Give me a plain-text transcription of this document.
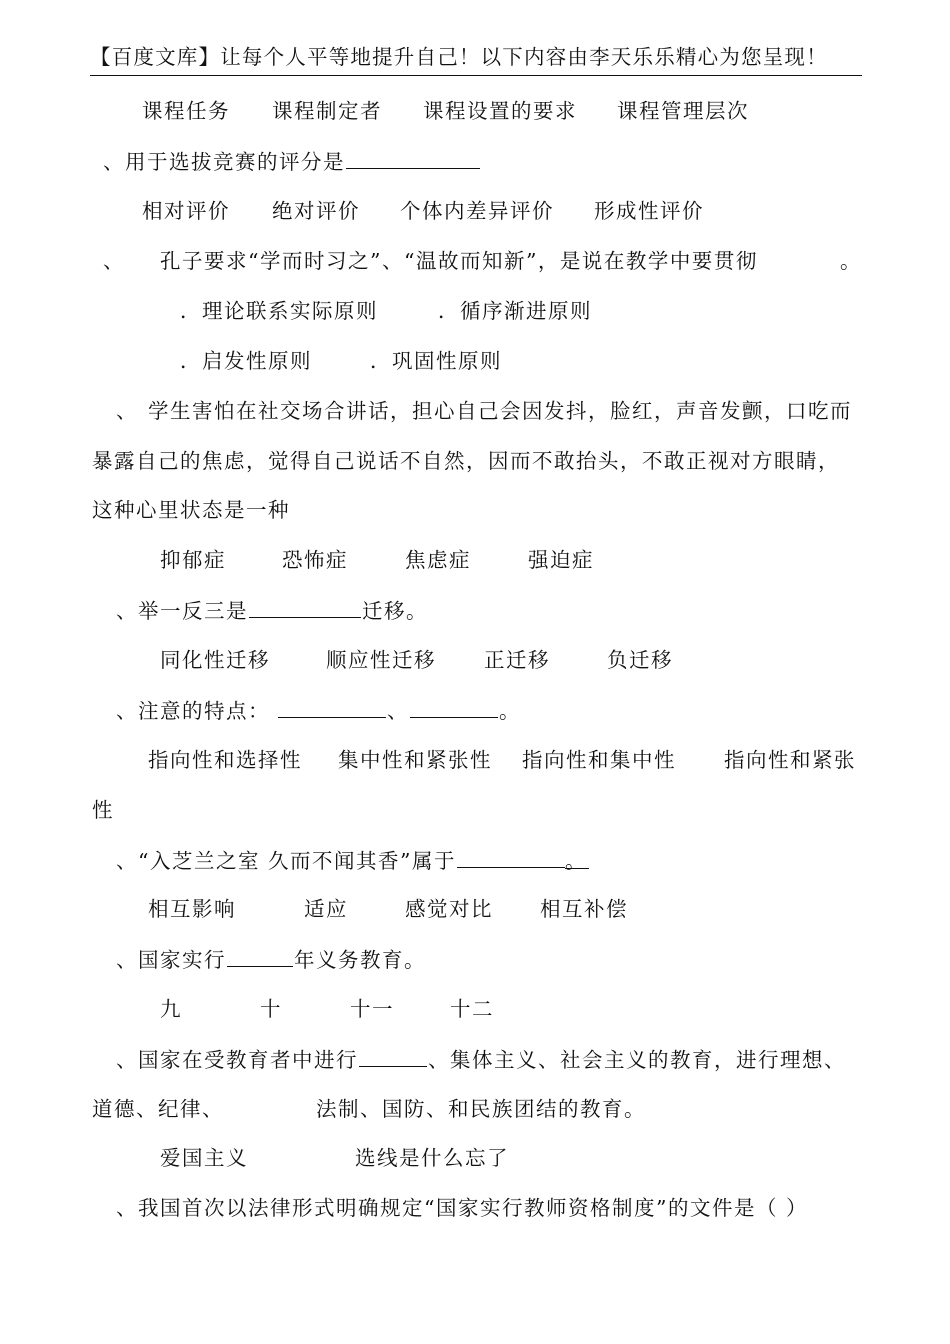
【百度文库】让每个人平等地提升自己！以下内容由李天乐乐精心为您呈现！
课程任务 课程制定者 课程设置的要求 课程管理层次
、用于选拔竞赛的评分是
相对评价 绝对评价 个体内差异评价 形成性评价
、 孔子要求“学而时习之”、“温故而知新”，是说在教学中要贯彻	。
．理论联系实际原则	．循序渐进原则
．启发性原则	．巩固性原则
、 学生害怕在社交场合讲话，担心自己会因发抖，脸红，声音发颤，口吃而
暴露自己的焦虑，觉得自己说话不自然，因而不敢抬头，不敢正视对方眼睛，
这种心里状态是一种
抑郁症	恐怖症	焦虑症	强迫症
、举一反三是	迁移。
同化性迁移	顺应性迁移 正迁移	负迁移
、注意的特点：	、	。
指向性和选择性 集中性和紧张性 指向性和集中性 指向性和紧张
性
、“入芝兰之室 久而不闻其香”属于	。
相互影响	适应	感觉对比 相互补偿
、国家实行	年义务教育。
九	十	十一	十二
、国家在受教育者中进行	、集体主义、社会主义的教育，进行理想、
道德、纪律、	法制、国防、和民族团结的教育。
爱国主义	选线是什么忘了
、我国首次以法律形式明确规定“国家实行教师资格制度”的文件是（ ）
